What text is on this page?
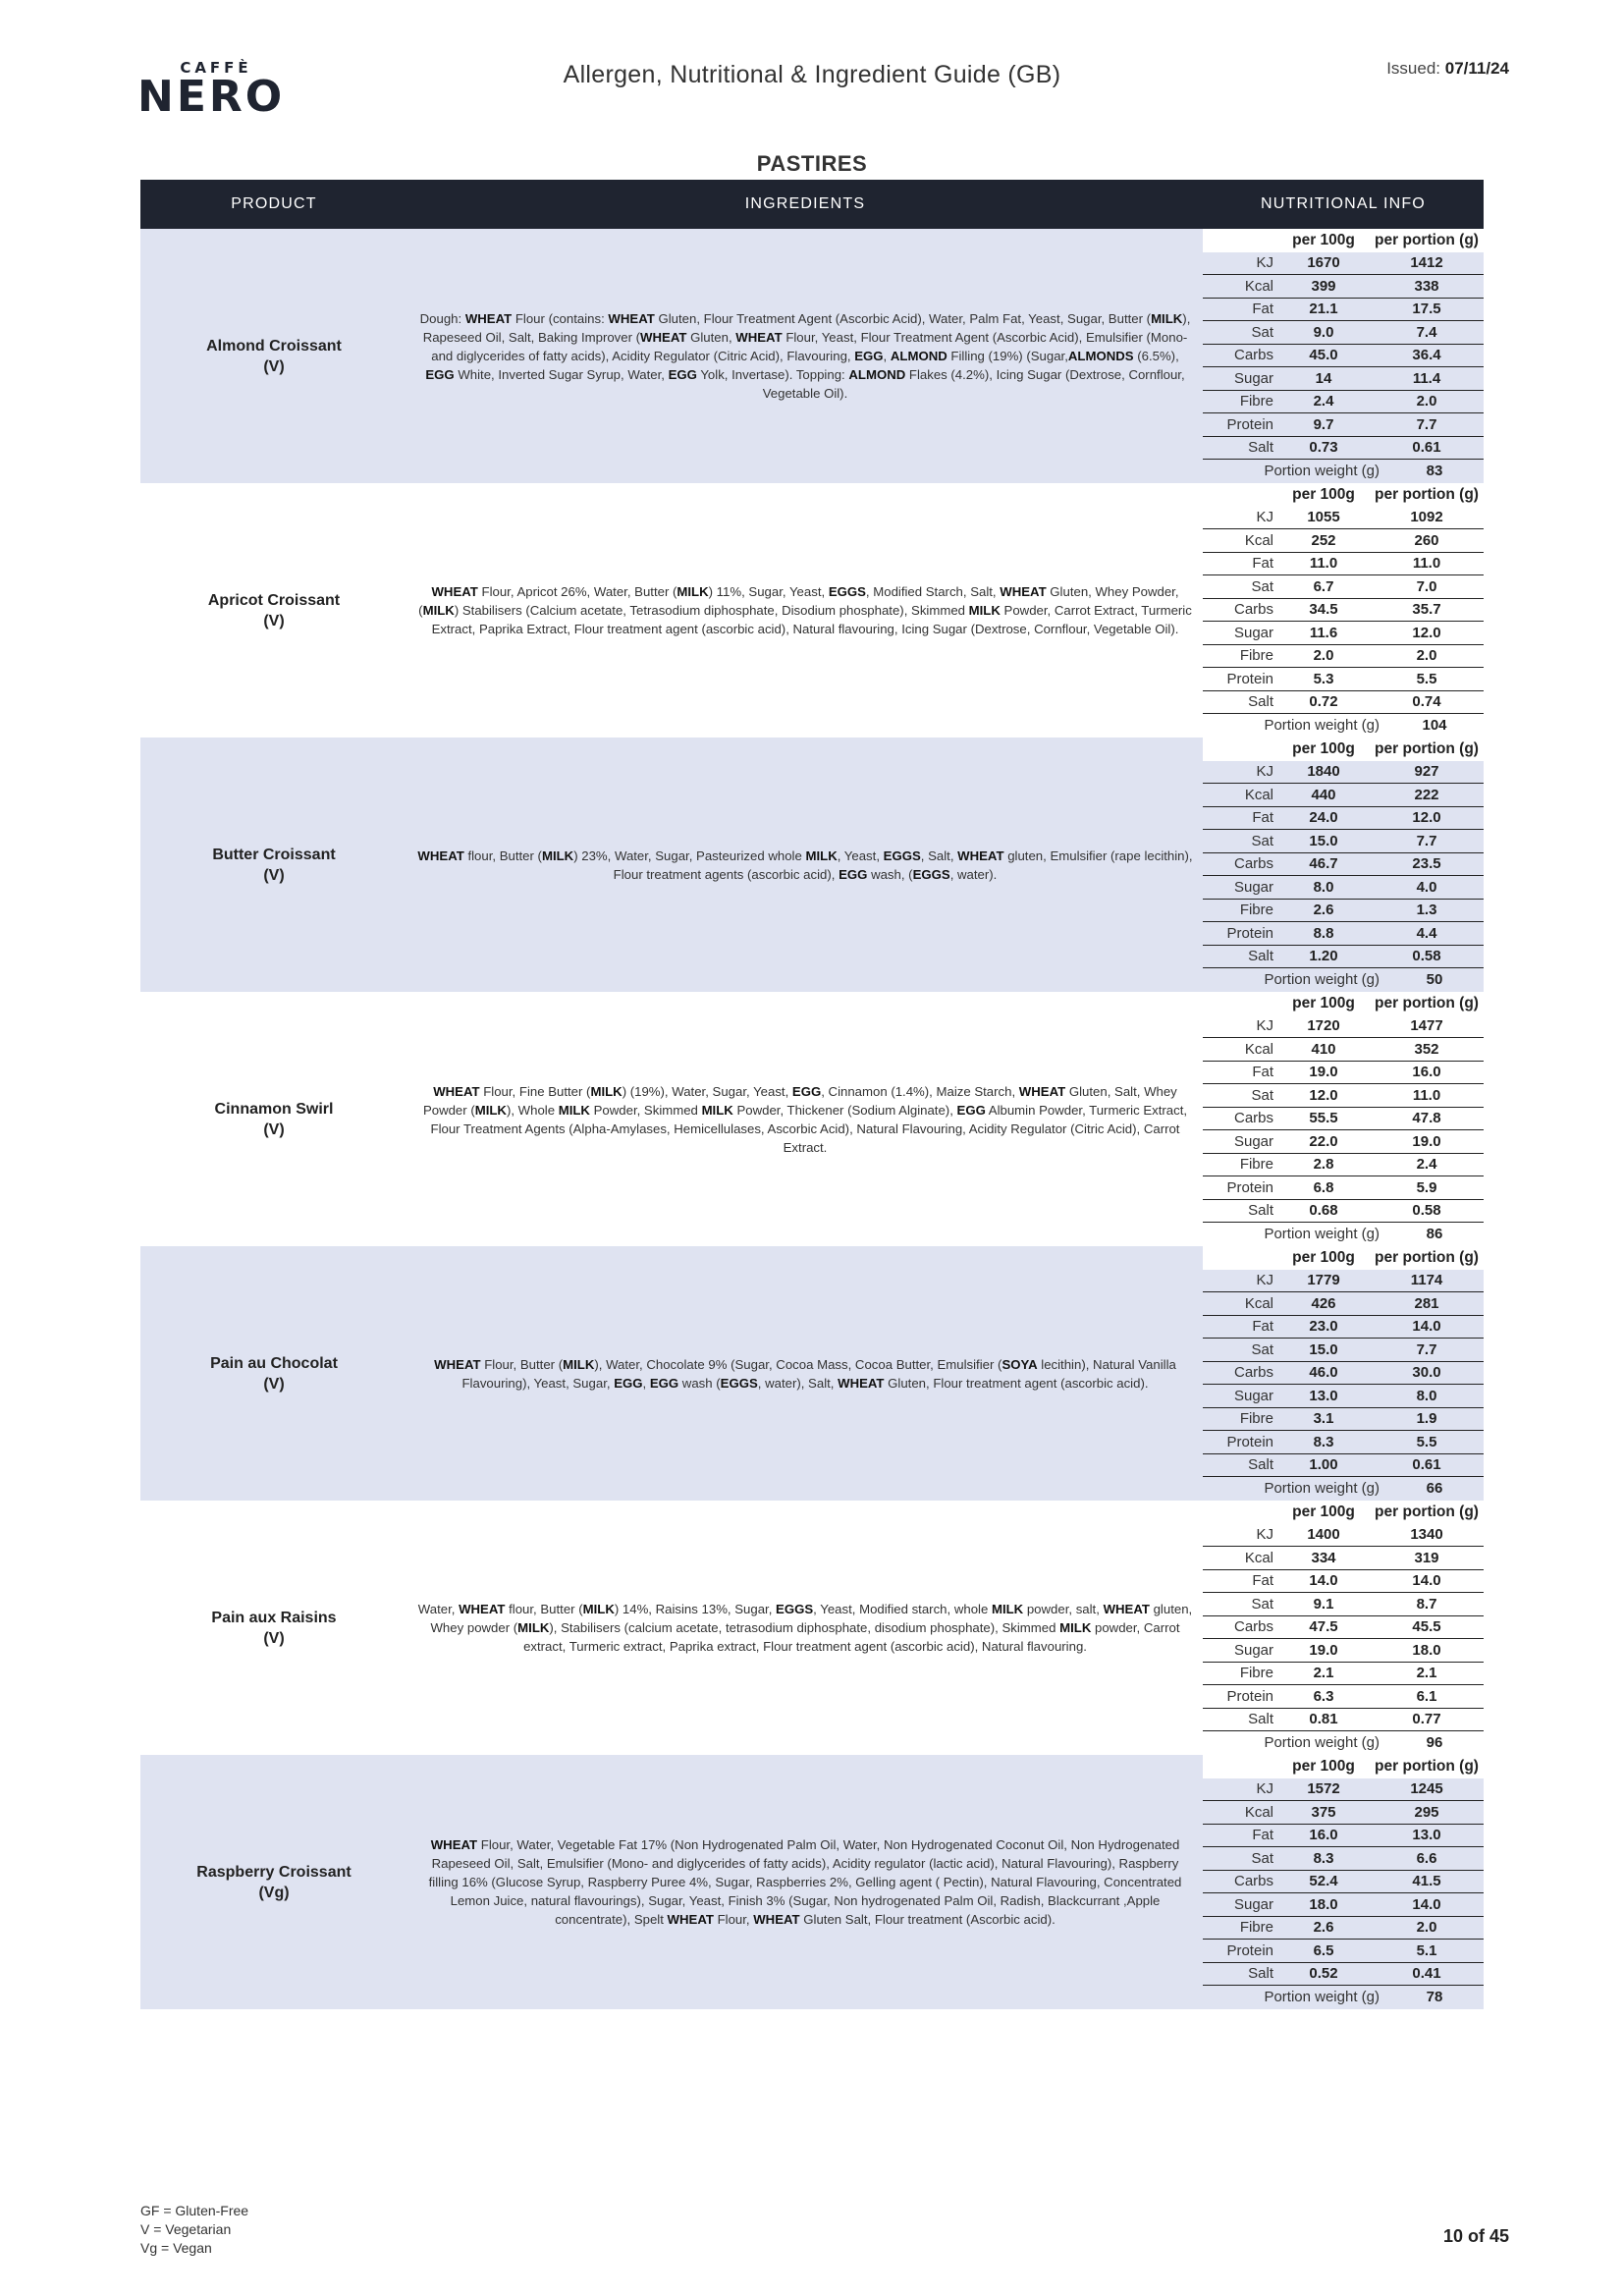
CAFFÈ
NERO	Allergen, Nutritional & Ingredient Guide (GB)	Issued: 07/11/24
PASTIRES
PRODUCT	INGREDIENTS	NUTRITIONAL INFO
Almond Croissant
(V)
Dough: WHEAT Flour (contains: WHEAT Gluten, Flour Treatment Agent (Ascorbic Acid), Water, Palm Fat, Yeast, Sugar, Butter (MILK), Rapeseed Oil, Salt, Baking Improver (WHEAT Gluten, WHEAT Flour, Yeast, Flour Treatment Agent (Ascorbic Acid), Emulsifier (Mono- and diglycerides of fatty acids), Acidity Regulator (Citric Acid), Flavouring, EGG, ALMOND Filling (19%) (Sugar,ALMONDS (6.5%), EGG White, Inverted Sugar Syrup, Water, EGG Yolk, Invertase). Topping: ALMOND Flakes (4.2%), Icing Sugar (Dextrose, Cornflour, Vegetable Oil).
per 100g	per portion (g)
KJ	1670	1412
Kcal	399	338
Fat	21.1	17.5
Sat	9.0	7.4
Carbs	45.0	36.4
Sugar	14	11.4
Fibre	2.4	2.0
Protein	9.7	7.7
Salt	0.73	0.61
Portion weight (g)	83
Apricot Croissant
(V)
WHEAT Flour, Apricot 26%, Water, Butter (MILK) 11%, Sugar, Yeast, EGGS, Modified Starch, Salt, WHEAT Gluten, Whey Powder, (MILK) Stabilisers (Calcium acetate, Tetrasodium diphosphate, Disodium phosphate), Skimmed MILK Powder, Carrot Extract, Turmeric Extract, Paprika Extract, Flour treatment agent (ascorbic acid), Natural flavouring, Icing Sugar (Dextrose, Cornflour, Vegetable Oil).
per 100g	per portion (g)
KJ	1055	1092
Kcal	252	260
Fat	11.0	11.0
Sat	6.7	7.0
Carbs	34.5	35.7
Sugar	11.6	12.0
Fibre	2.0	2.0
Protein	5.3	5.5
Salt	0.72	0.74
Portion weight (g)	104
Butter Croissant
(V)
WHEAT flour, Butter (MILK) 23%, Water, Sugar, Pasteurized whole MILK, Yeast, EGGS, Salt, WHEAT gluten, Emulsifier (rape lecithin), Flour treatment agents (ascorbic acid), EGG wash, (EGGS, water).
per 100g	per portion (g)
KJ	1840	927
Kcal	440	222
Fat	24.0	12.0
Sat	15.0	7.7
Carbs	46.7	23.5
Sugar	8.0	4.0
Fibre	2.6	1.3
Protein	8.8	4.4
Salt	1.20	0.58
Portion weight (g)	50
Cinnamon Swirl
(V)
WHEAT Flour, Fine Butter (MILK) (19%), Water, Sugar, Yeast, EGG, Cinnamon (1.4%), Maize Starch, WHEAT Gluten, Salt, Whey Powder (MILK), Whole MILK Powder, Skimmed MILK Powder, Thickener (Sodium Alginate), EGG Albumin Powder, Turmeric Extract, Flour Treatment Agents (Alpha-Amylases, Hemicellulases, Ascorbic Acid), Natural Flavouring, Acidity Regulator (Citric Acid), Carrot Extract.
per 100g	per portion (g)
KJ	1720	1477
Kcal	410	352
Fat	19.0	16.0
Sat	12.0	11.0
Carbs	55.5	47.8
Sugar	22.0	19.0
Fibre	2.8	2.4
Protein	6.8	5.9
Salt	0.68	0.58
Portion weight (g)	86
Pain au Chocolat
(V)
WHEAT Flour, Butter (MILK), Water, Chocolate 9% (Sugar, Cocoa Mass, Cocoa Butter, Emulsifier (SOYA lecithin), Natural Vanilla Flavouring), Yeast, Sugar, EGG, EGG wash (EGGS, water), Salt, WHEAT Gluten, Flour treatment agent (ascorbic acid).
per 100g	per portion (g)
KJ	1779	1174
Kcal	426	281
Fat	23.0	14.0
Sat	15.0	7.7
Carbs	46.0	30.0
Sugar	13.0	8.0
Fibre	3.1	1.9
Protein	8.3	5.5
Salt	1.00	0.61
Portion weight (g)	66
Pain aux Raisins
(V)
Water, WHEAT flour, Butter (MILK) 14%, Raisins 13%, Sugar, EGGS, Yeast, Modified starch, whole MILK powder, salt, WHEAT gluten, Whey powder (MILK), Stabilisers (calcium acetate, tetrasodium diphosphate, disodium phosphate), Skimmed MILK powder, Carrot extract, Turmeric extract, Paprika extract, Flour treatment agent (ascorbic acid), Natural flavouring.
per 100g	per portion (g)
KJ	1400	1340
Kcal	334	319
Fat	14.0	14.0
Sat	9.1	8.7
Carbs	47.5	45.5
Sugar	19.0	18.0
Fibre	2.1	2.1
Protein	6.3	6.1
Salt	0.81	0.77
Portion weight (g)	96
Raspberry Croissant
(Vg)
WHEAT Flour, Water, Vegetable Fat 17% (Non Hydrogenated Palm Oil, Water, Non Hydrogenated Coconut Oil, Non Hydrogenated Rapeseed Oil, Salt, Emulsifier (Mono- and diglycerides of fatty acids), Acidity regulator (lactic acid), Natural Flavouring), Raspberry filling 16% (Glucose Syrup, Raspberry Puree 4%, Sugar, Raspberries 2%, Gelling agent ( Pectin), Natural Flavouring, Concentrated Lemon Juice, natural flavourings), Sugar, Yeast, Finish 3% (Sugar, Non hydrogenated Palm Oil, Radish, Blackcurrant ,Apple concentrate), Spelt WHEAT Flour, WHEAT Gluten Salt, Flour treatment (Ascorbic acid).
per 100g	per portion (g)
KJ	1572	1245
Kcal	375	295
Fat	16.0	13.0
Sat	8.3	6.6
Carbs	52.4	41.5
Sugar	18.0	14.0
Fibre	2.6	2.0
Protein	6.5	5.1
Salt	0.52	0.41
Portion weight (g)	78
GF = Gluten-Free
V = Vegetarian
Vg = Vegan
10 of 45
